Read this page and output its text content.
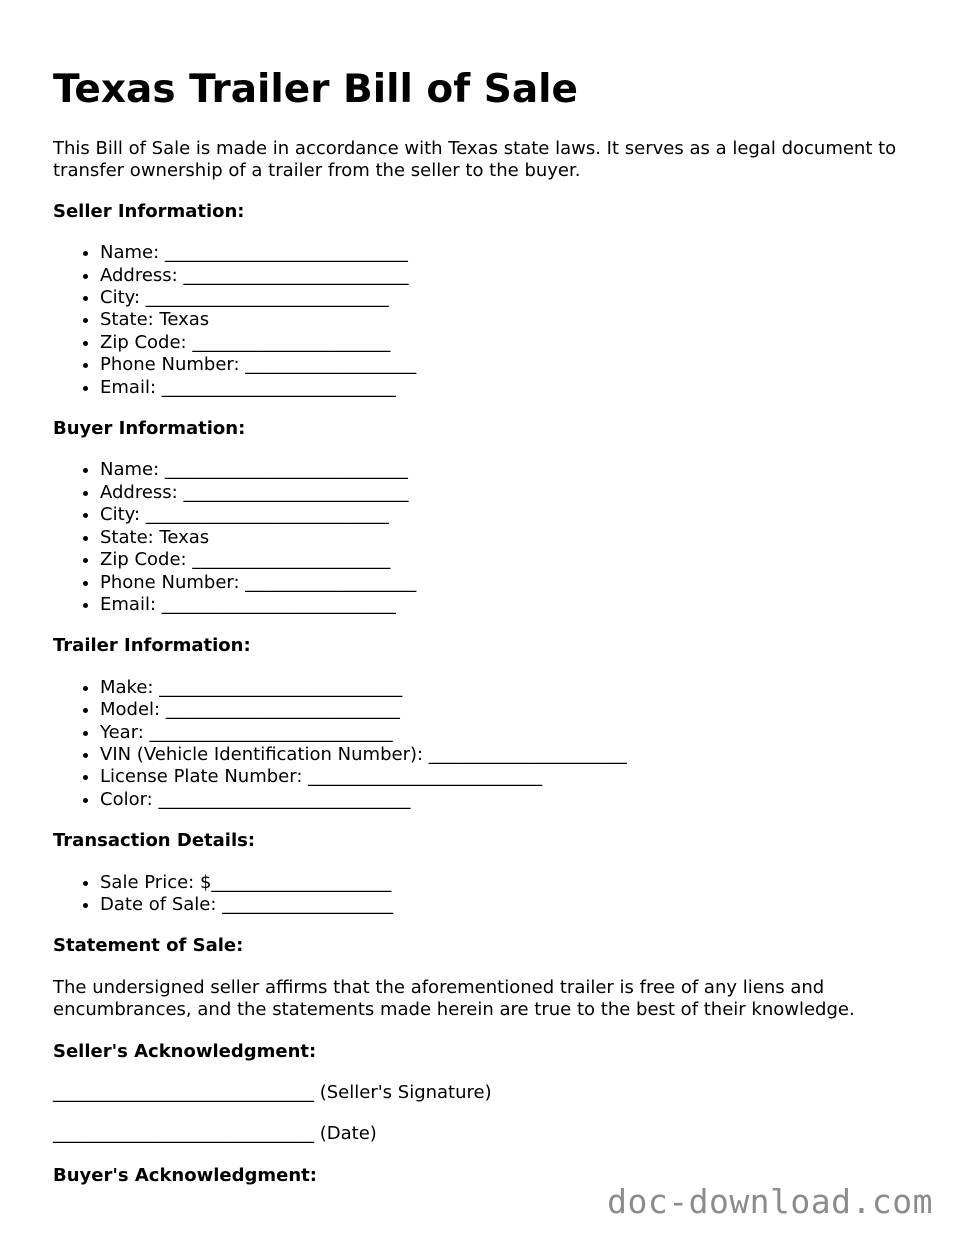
Texas Trailer Bill of Sale

This Bill of Sale is made in accordance with Texas state laws. It serves as a legal document to transfer ownership of a trailer from the seller to the buyer.

Seller Information:
• Name: ___________________________
• Address: _________________________
• City: ___________________________
• State: Texas
• Zip Code: ______________________
• Phone Number: ___________________
• Email: __________________________
Buyer Information:
• Name: ___________________________
• Address: _________________________
• City: ___________________________
• State: Texas
• Zip Code: ______________________
• Phone Number: ___________________
• Email: __________________________
Trailer Information:
• Make: ___________________________
• Model: __________________________
• Year: ___________________________
• VIN (Vehicle Identification Number): ______________________
• License Plate Number: __________________________
• Color: ____________________________
Transaction Details:
• Sale Price: $____________________
• Date of Sale: ___________________
Statement of Sale:

The undersigned seller affirms that the aforementioned trailer is free of any liens and encumbrances, and the statements made herein are true to the best of their knowledge.

Seller's Acknowledgment:

_____________________________ (Seller's Signature)

_____________________________ (Date)

Buyer's Acknowledgment:
doc-download.com
